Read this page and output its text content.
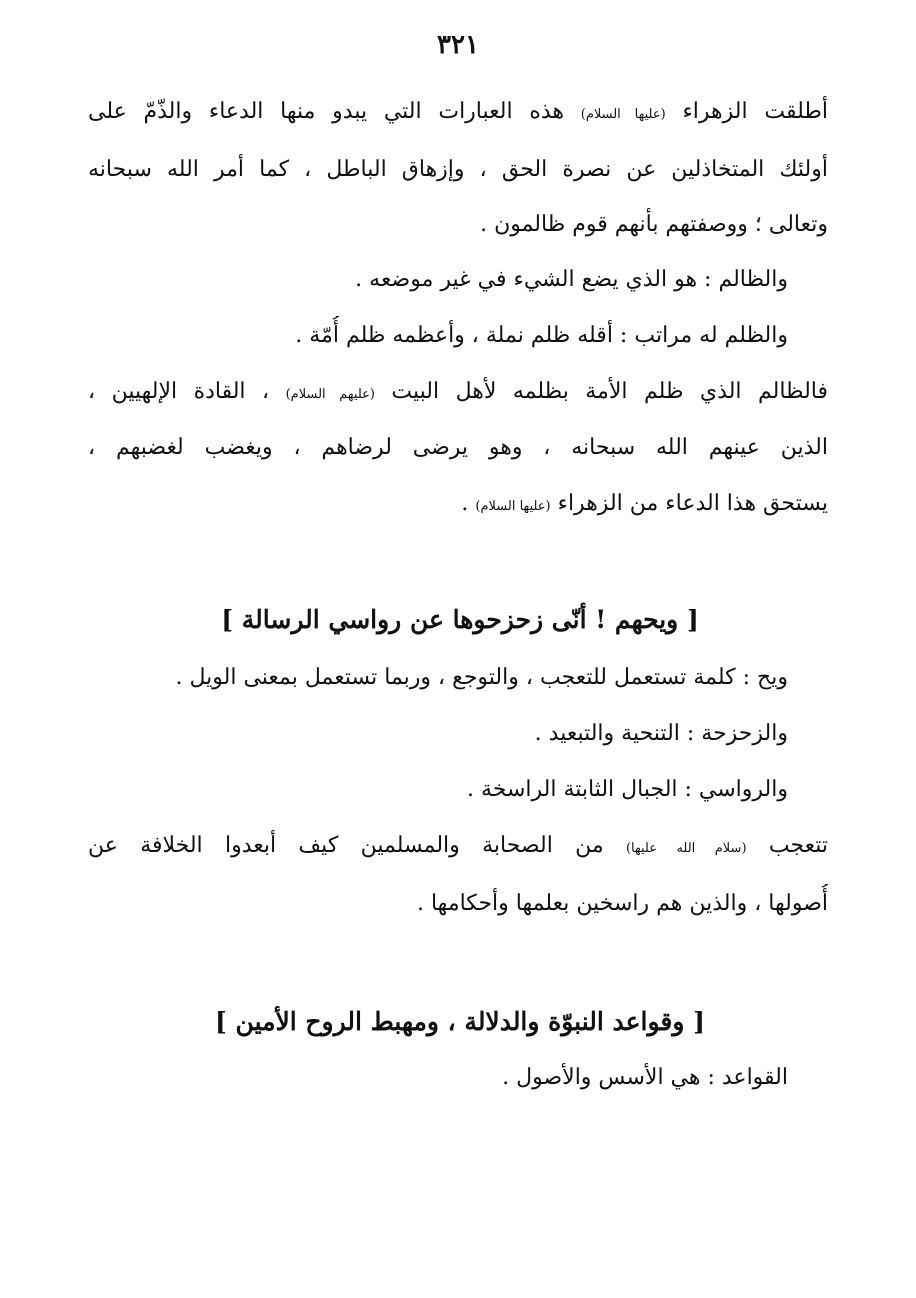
٣٢١
أطلقت الزهراء (عليها السلام) هذه العبارات التي يبدو منها الدعاء والذّمّ على
أولئك المتخاذلين عن نصرة الحق ، وإزهاق الباطل ، كما أمر الله سبحانه
وتعالى ؛ ووصفتهم بأنهم قوم ظالمون .
والظالم : هو الذي يضع الشيء في غير موضعه .
والظلم له مراتب : أقله ظلم نملة ، وأعظمه ظلم أُمّة .
فالظالم الذي ظلم الأمة بظلمه لأهل البيت (عليهم السلام) ، القادة الإلهيين ،
الذين عينهم الله سبحانه ، وهو يرضى لرضاهم ، ويغضب لغضبهم ،
يستحق هذا الدعاء من الزهراء (عليها السلام) .
[ ويحهم ! أنّى زحزحوها عن رواسي الرسالة ]
ويح : كلمة تستعمل للتعجب ، والتوجع ، وربما تستعمل بمعنى الويل .
والزحزحة : التنحية والتبعيد .
والرواسي : الجبال الثابتة الراسخة .
تتعجب (سلام الله عليها) من الصحابة والمسلمين كيف أبعدوا الخلافة عن
أُصولها ، والذين هم راسخين بعلمها وأحكامها .
[ وقواعد النبوّة والدلالة ، ومهبط الروح الأمين ]
القواعد : هي الأسس والأصول .
